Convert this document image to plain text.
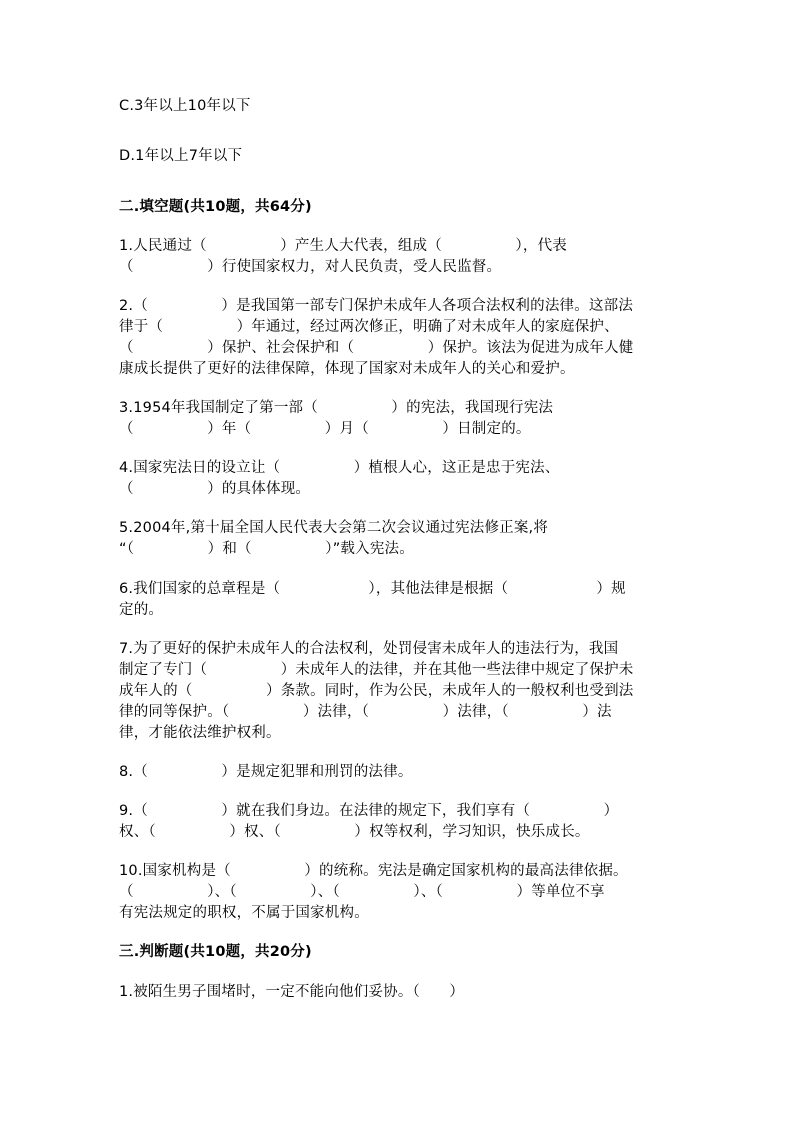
C.3年以上10年以下
D.1年以上7年以下
二.填空题(共10题，共64分)
1.人民通过（　　　　　）产生人大代表，组成（　　　　　），代表
（　　　　　）行使国家权力，对人民负责，受人民监督。
2.（　　　　　）是我国第一部专门保护未成年人各项合法权利的法律。这部法
律于（　　　　　）年通过，经过两次修正，明确了对未成年人的家庭保护、
（　　　　　）保护、社会保护和（　　　　　）保护。该法为促进为成年人健
康成长提供了更好的法律保障，体现了国家对未成年人的关心和爱护。
3.1954年我国制定了第一部（　　　　　）的宪法，我国现行宪法
（　　　　　）年（　　　　　）月（　　　　　）日制定的。
4.国家宪法日的设立让（　　　　　）植根人心，这正是忠于宪法、
（　　　　　）的具体体现。
5.2004年,第十届全国人民代表大会第二次会议通过宪法修正案,将
“（　　　　　）和（　　　　　）”载入宪法。
6.我们国家的总章程是（　　　　　　），其他法律是根据（　　　　　　）规
定的。
7.为了更好的保护未成年人的合法权利，处罚侵害未成年人的违法行为，我国
制定了专门（　　　　　）未成年人的法律，并在其他一些法律中规定了保护未
成年人的（　　　　　）条款。同时，作为公民，未成年人的一般权利也受到法
律的同等保护。（　　　　　）法律，（　　　　　）法律，（　　　　　）法
律，才能依法维护权利。
8.（　　　　　）是规定犯罪和刑罚的法律。
9.（　　　　　）就在我们身边。在法律的规定下，我们享有（　　　　　）
权、（　　　　　）权、（　　　　　）权等权利，学习知识，快乐成长。
10.国家机构是（　　　　　）的统称。宪法是确定国家机构的最高法律依据。
（　　　　　）、（　　　　　）、（　　　　　）、（　　　　　）等单位不享
有宪法规定的职权，不属于国家机构。
三.判断题(共10题，共20分)
1.被陌生男子围堵时，一定不能向他们妥协。（　　）
